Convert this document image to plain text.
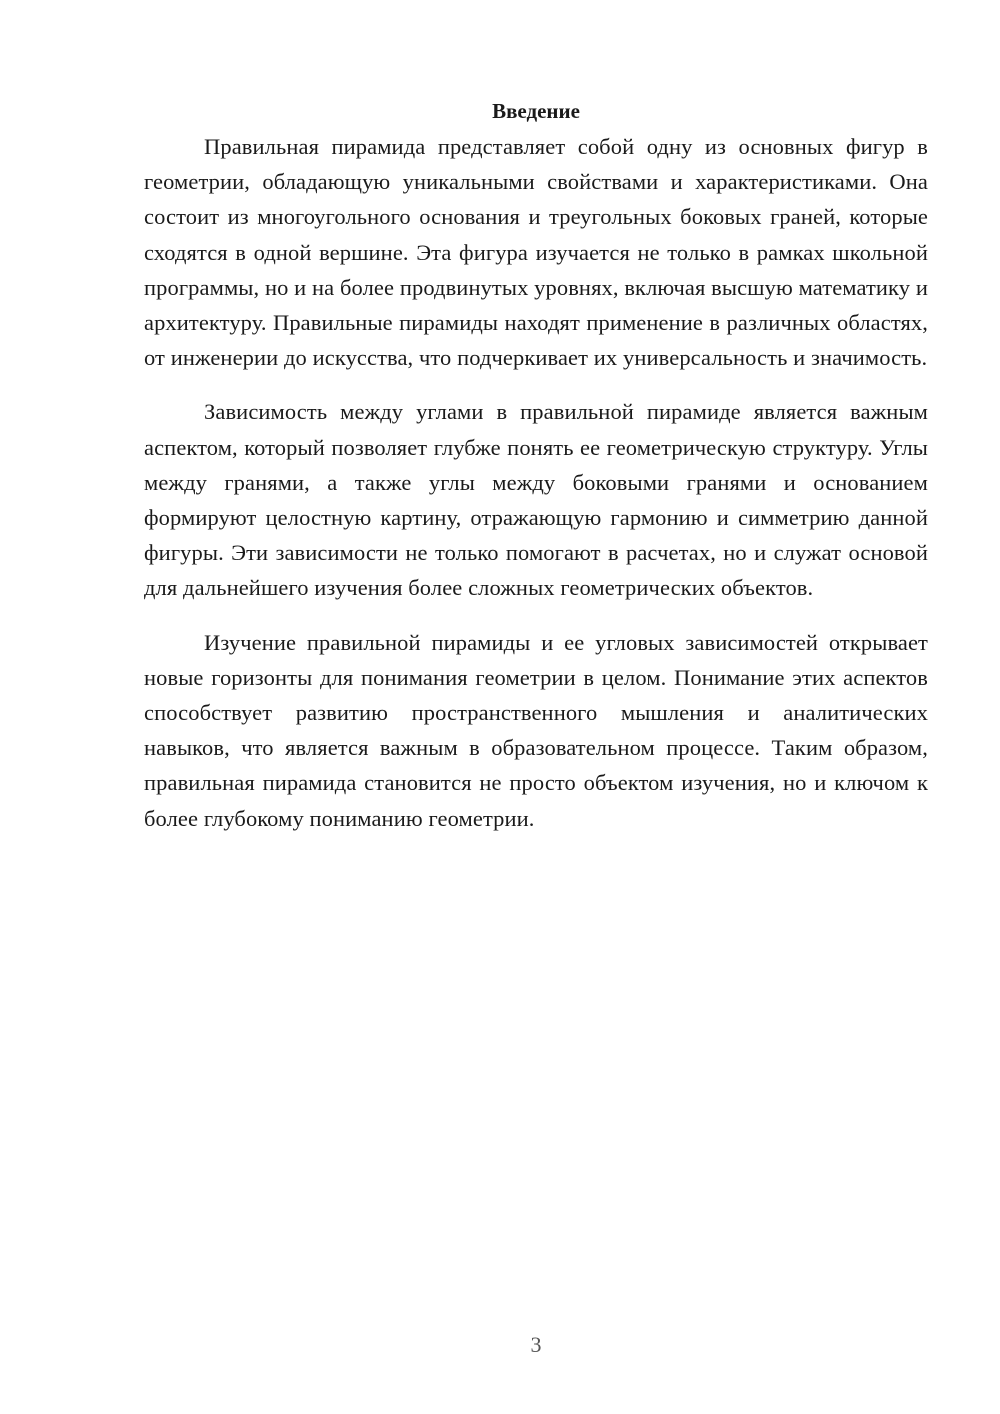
Введение

Правильная пирамида представляет собой одну из основных фигур в геометрии, обладающую уникальными свойствами и характеристиками. Она состоит из многоугольного основания и треугольных боковых граней, которые сходятся в одной вершине. Эта фигура изучается не только в рамках школьной программы, но и на более продвинутых уровнях, включая высшую математику и архитектуру. Правильные пирамиды находят применение в различных областях, от инженерии до искусства, что подчеркивает их универсальность и значимость.

Зависимость между углами в правильной пирамиде является важным аспектом, который позволяет глубже понять ее геометрическую структуру. Углы между гранями, а также углы между боковыми гранями и основанием формируют целостную картину, отражающую гармонию и симметрию данной фигуры. Эти зависимости не только помогают в расчетах, но и служат основой для дальнейшего изучения более сложных геометрических объектов.

Изучение правильной пирамиды и ее угловых зависимостей открывает новые горизонты для понимания геометрии в целом. Понимание этих аспектов способствует развитию пространственного мышления и аналитических навыков, что является важным в образовательном процессе. Таким образом, правильная пирамида становится не просто объектом изучения, но и ключом к более глубокому пониманию геометрии.

3
